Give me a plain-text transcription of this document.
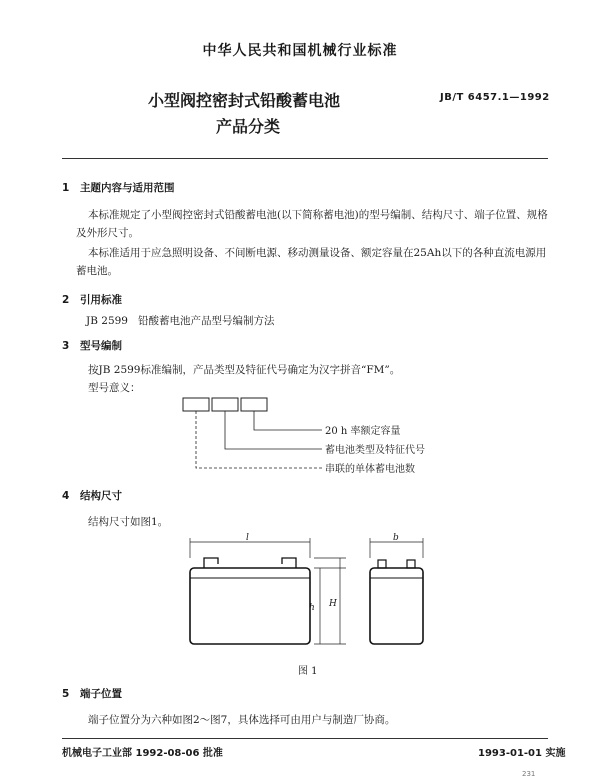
中华人民共和国机械行业标准
小型阀控密封式铅酸蓄电池
产品分类
JB/T 6457.1—1992
1 主题内容与适用范围
本标准规定了小型阀控密封式铅酸蓄电池(以下简称蓄电池)的型号编制、结构尺寸、端子位置、规格及外形尺寸。
本标准适用于应急照明设备、不间断电源、移动测量设备、额定容量在25Ah以下的各种直流电源用蓄电池。
2 引用标准
JB 2599 铅酸蓄电池产品型号编制方法
3 型号编制
按JB 2599标准编制，产品类型及特征代号确定为汉字拼音“FM”。
型号意义：
20 h 率额定容量
蓄电池类型及特征代号
串联的单体蓄电池数
4 结构尺寸
结构尺寸如图1。
l
h H
b
图 1
5 端子位置
端子位置分为六种如图2～图7，具体选择可由用户与制造厂协商。
机械电子工业部 1992-08-06 批准	1993-01-01 实施
231
